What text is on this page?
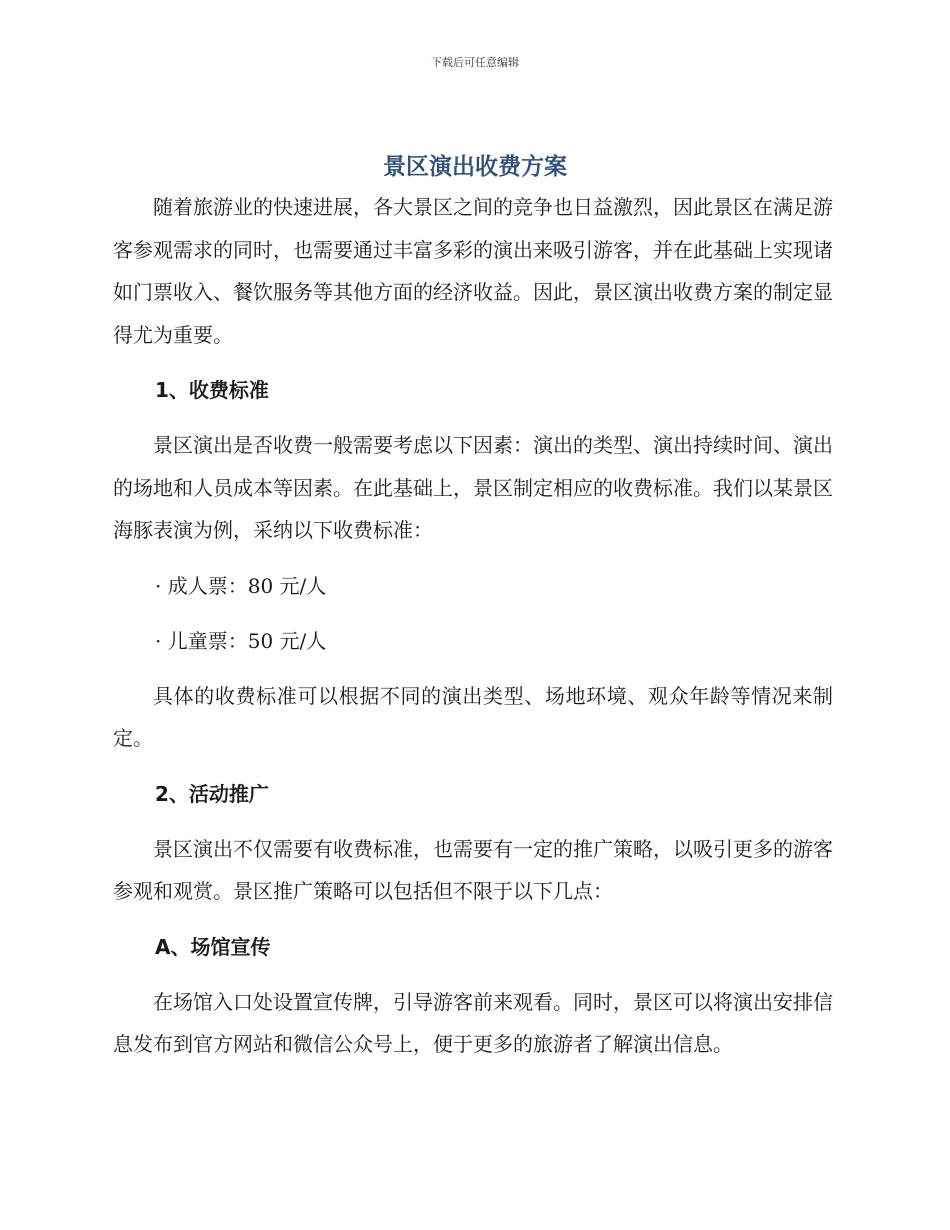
下载后可任意编辑
景区演出收费方案

随着旅游业的快速进展，各大景区之间的竞争也日益激烈，因此景区在满足游客参观需求的同时，也需要通过丰富多彩的演出来吸引游客，并在此基础上实现诸如门票收入、餐饮服务等其他方面的经济收益。因此，景区演出收费方案的制定显得尤为重要。

1、收费标准

景区演出是否收费一般需要考虑以下因素：演出的类型、演出持续时间、演出的场地和人员成本等因素。在此基础上，景区制定相应的收费标准。我们以某景区海豚表演为例，采纳以下收费标准：

· 成人票：80 元/人
· 儿童票：50 元/人

具体的收费标准可以根据不同的演出类型、场地环境、观众年龄等情况来制定。

2、活动推广

景区演出不仅需要有收费标准，也需要有一定的推广策略，以吸引更多的游客参观和观赏。景区推广策略可以包括但不限于以下几点：

A、场馆宣传

在场馆入口处设置宣传牌，引导游客前来观看。同时，景区可以将演出安排信息发布到官方网站和微信公众号上，便于更多的旅游者了解演出信息。
